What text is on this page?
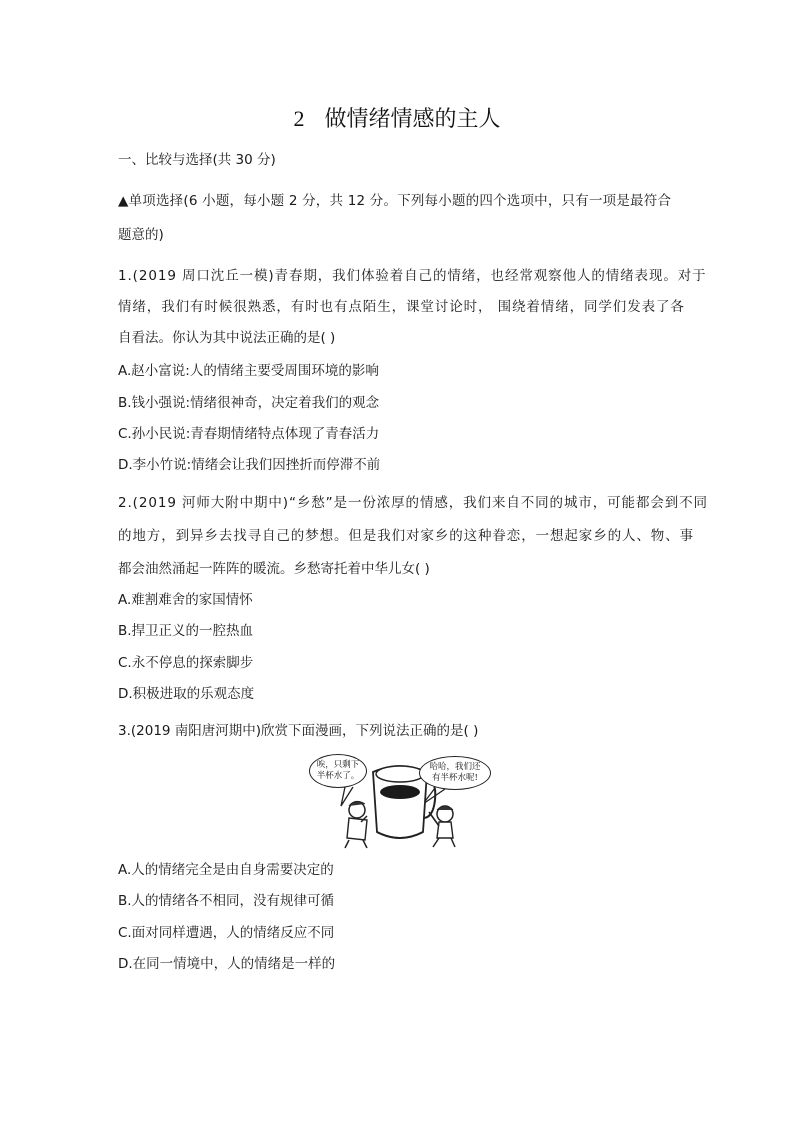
2 做情绪情感的主人
一、比较与选择(共 30 分)
▲单项选择(6 小题，每小题 2 分，共 12 分。下列每小题的四个选项中，只有一项是最符合
题意的)
1.(2019 周口沈丘一模)青春期，我们体验着自己的情绪，也经常观察他人的情绪表现。对于
情绪，我们有时候很熟悉，有时也有点陌生，课堂讨论时， 围绕着情绪，同学们发表了各
自看法。你认为其中说法正确的是( )
A.赵小富说:人的情绪主要受周围环境的影响
B.钱小强说:情绪很神奇，决定着我们的观念
C.孙小民说:青春期情绪特点体现了青春活力
D.李小竹说:情绪会让我们因挫折而停滞不前
2.(2019 河师大附中期中)“乡愁”是一份浓厚的情感，我们来自不同的城市，可能都会到不同
的地方，到异乡去找寻自己的梦想。但是我们对家乡的这种眷恋，一想起家乡的人、物、事
都会油然涌起一阵阵的暖流。乡愁寄托着中华儿女( )
A.难割难舍的家国情怀
B.捍卫正义的一腔热血
C.永不停息的探索脚步
D.积极进取的乐观态度
3.(2019 南阳唐河期中)欣赏下面漫画，下列说法正确的是( )
唉，只剩下
半杯水了。
哈哈，我们还
有半杯水呢!
A.人的情绪完全是由自身需要决定的
B.人的情绪各不相同，没有规律可循
C.面对同样遭遇，人的情绪反应不同
D.在同一情境中，人的情绪是一样的
